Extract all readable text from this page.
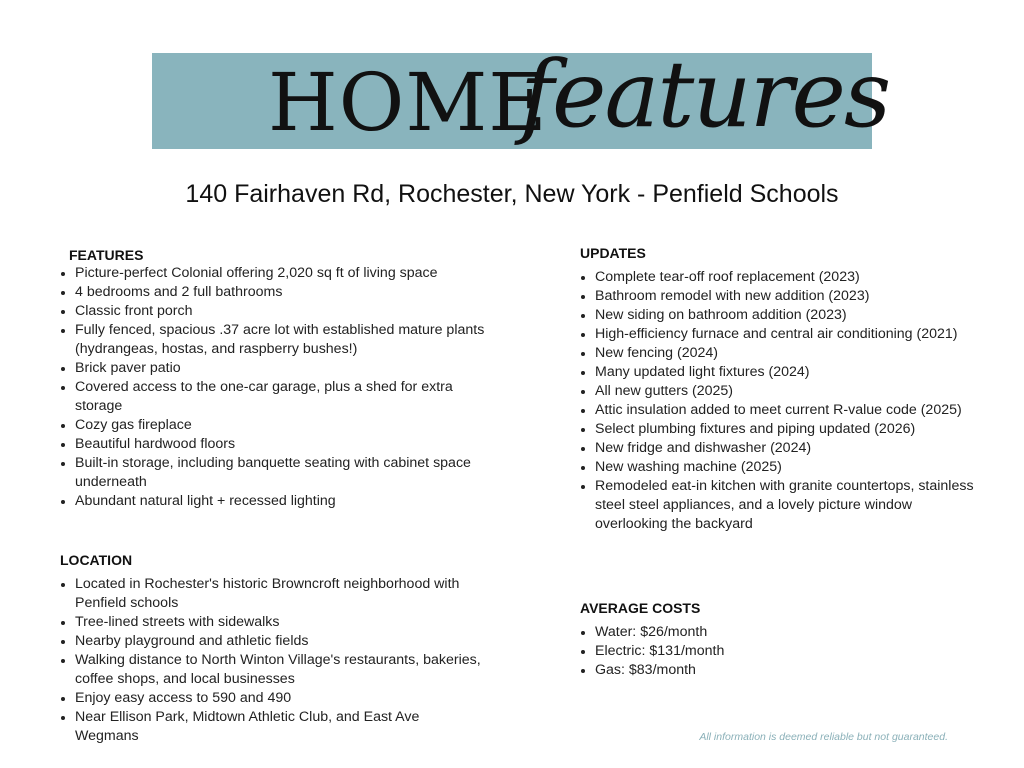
HOME
features
140 Fairhaven Rd, Rochester, New York - Penfield Schools
FEATURES
Picture-perfect Colonial offering 2,020 sq ft of living space
4 bedrooms and 2 full bathrooms
Classic front porch
Fully fenced, spacious .37 acre lot with established mature plants (hydrangeas, hostas, and raspberry bushes!)
Brick paver patio
Covered access to the one-car garage, plus a shed for extra storage
Cozy gas fireplace
Beautiful hardwood floors
Built-in storage, including banquette seating with cabinet space underneath
Abundant natural light + recessed lighting
LOCATION
Located in Rochester's historic Browncroft neighborhood with Penfield schools
Tree-lined streets with sidewalks
Nearby playground and athletic fields
Walking distance to North Winton Village's restaurants, bakeries, coffee shops, and local businesses
Enjoy easy access to 590 and 490
Near Ellison Park, Midtown Athletic Club, and East Ave Wegmans
UPDATES
Complete tear-off roof replacement (2023)
Bathroom remodel with new addition (2023)
New siding on bathroom addition (2023)
High-efficiency furnace and central air conditioning (2021)
New fencing (2024)
Many updated light fixtures (2024)
All new gutters (2025)
Attic insulation added to meet current R-value code (2025)
Select plumbing fixtures and piping updated (2026)
New fridge and dishwasher (2024)
New washing machine (2025)
Remodeled eat-in kitchen with granite countertops, stainless steel steel appliances, and a lovely picture window overlooking the backyard
AVERAGE COSTS
Water: $26/month
Electric: $131/month
Gas: $83/month
All information is deemed reliable but not guaranteed.
